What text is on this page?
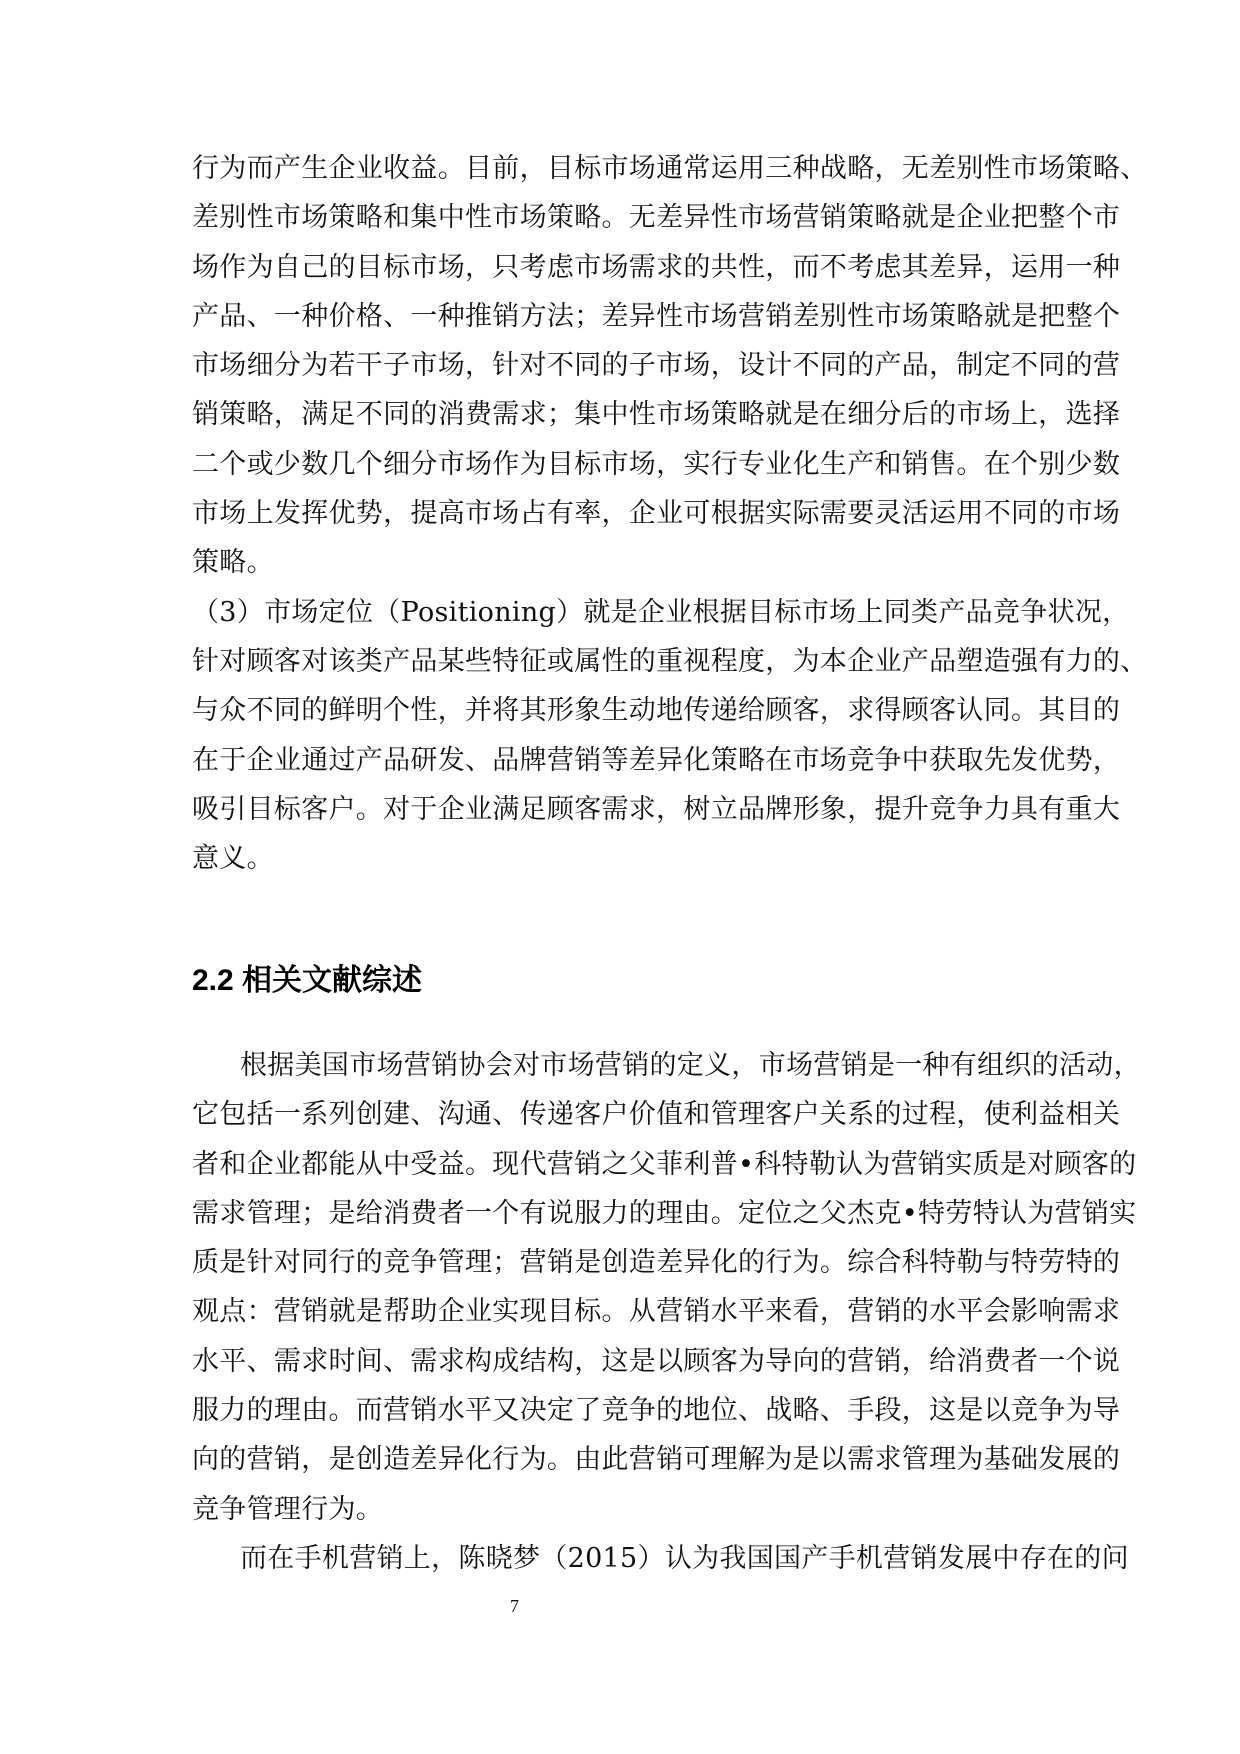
行为而产生企业收益。目前，目标市场通常运用三种战略，无差别性市场策略、
差别性市场策略和集中性市场策略。无差异性市场营销策略就是企业把整个市
场作为自己的目标市场，只考虑市场需求的共性，而不考虑其差异，运用一种
产品、一种价格、一种推销方法；差异性市场营销差别性市场策略就是把整个
市场细分为若干子市场，针对不同的子市场，设计不同的产品，制定不同的营
销策略，满足不同的消费需求；集中性市场策略就是在细分后的市场上，选择
二个或少数几个细分市场作为目标市场，实行专业化生产和销售。在个别少数
市场上发挥优势，提高市场占有率，企业可根据实际需要灵活运用不同的市场
策略。
（3）市场定位（Positioning）就是企业根据目标市场上同类产品竞争状况，
针对顾客对该类产品某些特征或属性的重视程度，为本企业产品塑造强有力的、
与众不同的鲜明个性，并将其形象生动地传递给顾客，求得顾客认同。其目的
在于企业通过产品研发、品牌营销等差异化策略在市场竞争中获取先发优势，
吸引目标客户。对于企业满足顾客需求，树立品牌形象，提升竞争力具有重大
意义。
2.2 相关文献综述
根据美国市场营销协会对市场营销的定义，市场营销是一种有组织的活动，
它包括一系列创建、沟通、传递客户价值和管理客户关系的过程，使利益相关
者和企业都能从中受益。现代营销之父菲利普•科特勒认为营销实质是对顾客的
需求管理；是给消费者一个有说服力的理由。定位之父杰克•特劳特认为营销实
质是针对同行的竞争管理；营销是创造差异化的行为。综合科特勒与特劳特的
观点：营销就是帮助企业实现目标。从营销水平来看，营销的水平会影响需求
水平、需求时间、需求构成结构，这是以顾客为导向的营销，给消费者一个说
服力的理由。而营销水平又决定了竞争的地位、战略、手段，这是以竞争为导
向的营销，是创造差异化行为。由此营销可理解为是以需求管理为基础发展的
竞争管理行为。
而在手机营销上，陈晓梦（2015）认为我国国产手机营销发展中存在的问
7
